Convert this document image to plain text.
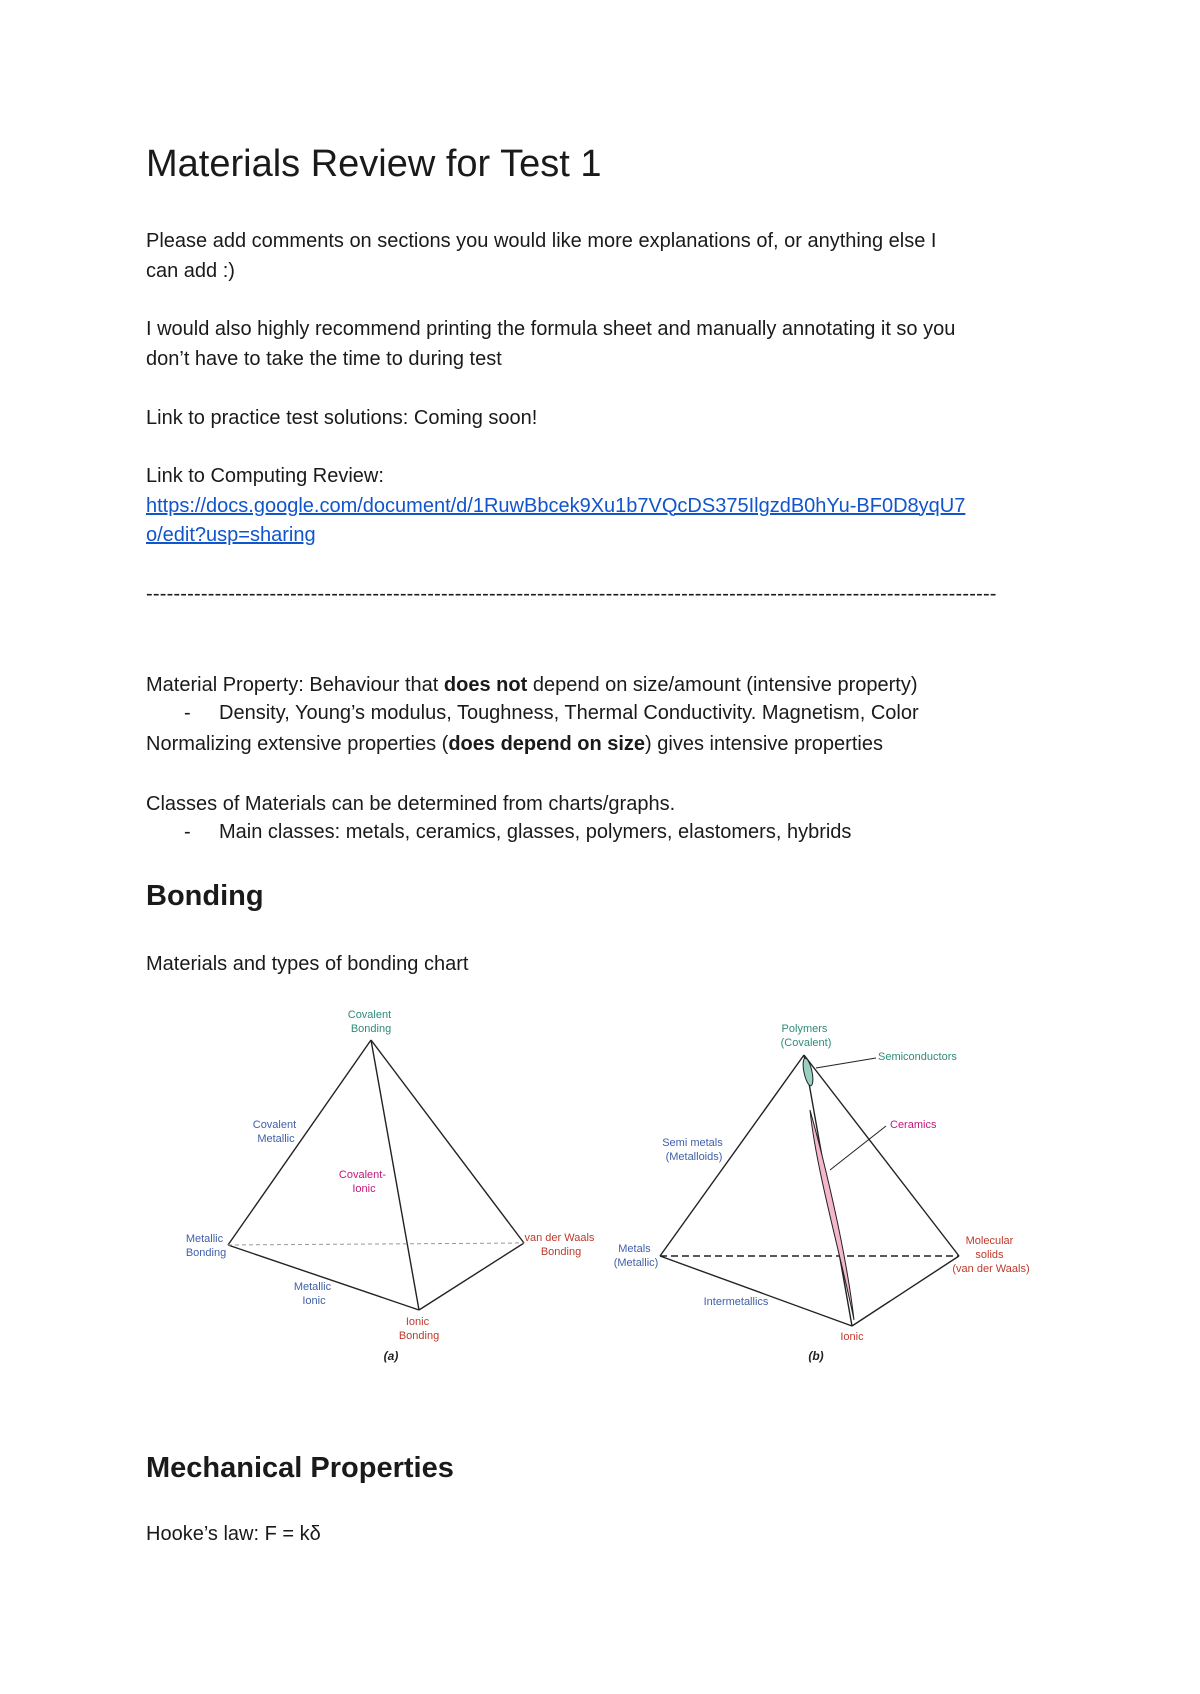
Materials Review for Test 1

Please add comments on sections you would like more explanations of, or anything else I
can add :)

I would also highly recommend printing the formula sheet and manually annotating it so you
don’t have to take the time to during test

Link to practice test solutions: Coming soon!

Link to Computing Review:
https://docs.google.com/document/d/1RuwBbcek9Xu1b7VQcDS375IlgzdB0hYu-BF0D8yqU7
o/edit?usp=sharing

----------------------------------------------------------------------------------------------------------------------------

Material Property: Behaviour that does not depend on size/amount (intensive property)

- Density, Young’s modulus, Toughness, Thermal Conductivity. Magnetism, Color

Normalizing extensive properties (does depend on size) gives intensive properties

Classes of Materials can be determined from charts/graphs.

- Main classes: metals, ceramics, glasses, polymers, elastomers, hybrids
Bonding

Materials and types of bonding chart

Covalent Bonding
Covalent Metallic
Covalent- Ionic
Metallic Bonding
van der Waals Bonding
Metallic Ionic
Ionic Bonding
(a)
Polymers (Covalent)
Semiconductors
Ceramics
Semi metals (Metalloids)
Metals (Metallic)
Molecular solids (van der Waals)
Intermetallics
Ionic
(b)
Mechanical Properties

Hooke’s law: F = kδ
